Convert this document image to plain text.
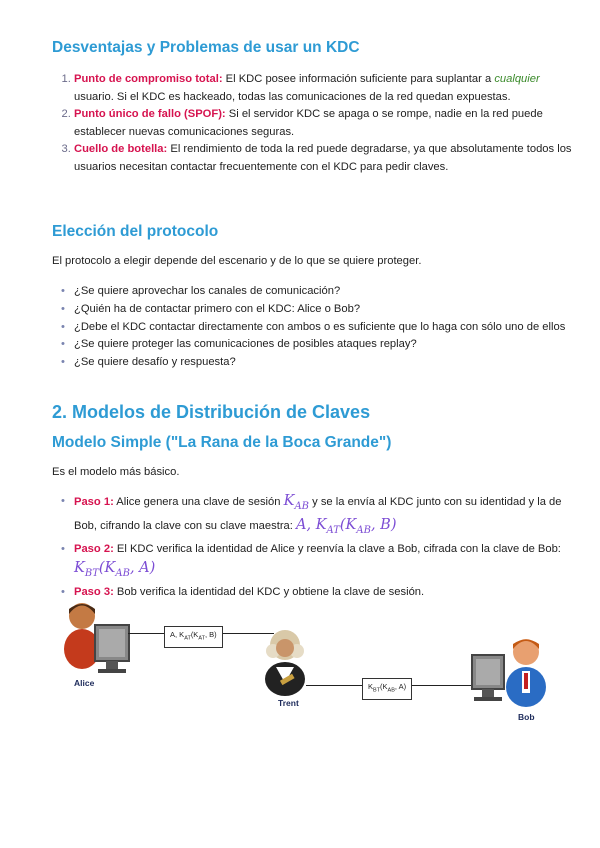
Desventajas y Problemas de usar un KDC
1. Punto de compromiso total: El KDC posee información suficiente para suplantar a cualquier usuario. Si el KDC es hackeado, todas las comunicaciones de la red quedan expuestas.
2. Punto único de fallo (SPOF): Si el servidor KDC se apaga o se rompe, nadie en la red puede establecer nuevas comunicaciones seguras.
3. Cuello de botella: El rendimiento de toda la red puede degradarse, ya que absolutamente todos los usuarios necesitan contactar frecuentemente con el KDC para pedir claves.
Elección del protocolo

El protocolo a elegir depende del escenario y de lo que se quiere proteger.

• ¿Se quiere aprovechar los canales de comunicación?
• ¿Quién ha de contactar primero con el KDC: Alice o Bob?
• ¿Debe el KDC contactar directamente con ambos o es suficiente que lo haga con sólo uno de ellos
• ¿Se quiere proteger las comunicaciones de posibles ataques replay?
• ¿Se quiere desafío y respuesta?
2. Modelos de Distribución de Claves
Modelo Simple ("La Rana de la Boca Grande")

Es el modelo más básico.

• Paso 1: Alice genera una clave de sesión $K_{AB}$ y se la envía al KDC junto con su identidad y la de Bob, cifrando la clave con su clave maestra: A, $K_{AT}(K_{AB}$, B)
• Paso 2: El KDC verifica la identidad de Alice y reenvía la clave a Bob, cifrada con la clave de Bob: $K_{BT}(K_{AB}$, A)
• Paso 3: Bob verifica la identidad del KDC y obtiene la clave de sesión.
Alice
A, $K_{AT}(K_{AT}$, B)
Trent
$K_{BT}(K_{AB}$, A)
Bob
